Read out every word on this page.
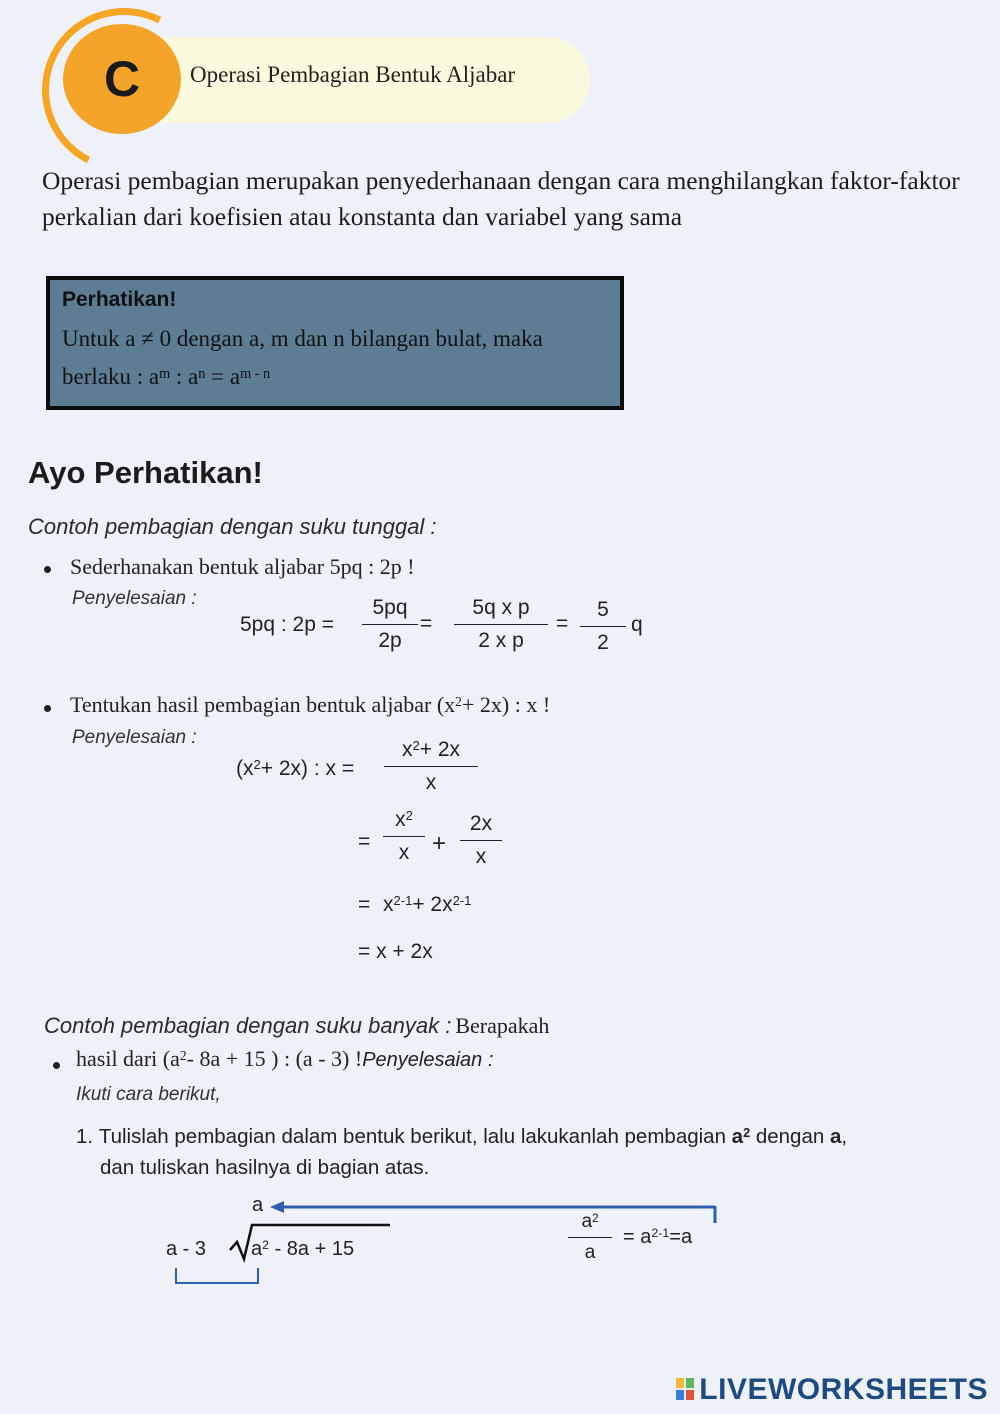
C	Operasi Pembagian Bentuk Aljabar
Operasi pembagian merupakan penyederhanaan dengan cara menghilangkan faktor-faktor perkalian dari koefisien atau konstanta dan variabel yang sama
Perhatikan!
Untuk a ≠ 0 dengan a, m dan n bilangan bulat, maka
berlaku : $a^m$ : $a^n = a^{m - n}$
Ayo Perhatikan!
Contoh pembagian dengan suku tunggal :
Sederhanakan bentuk aljabar 5pq : 2p !
Penyelesaian :
5pq : $2p = \frac{5pq}{2p} = \frac{\text{5q x p}}{\text{2 x p}} = \frac{5}{2}$ q
Tentukan hasil pembagian bentuk aljabar $(x^2+ 2x)$ : x !
Penyelesaian :
$(x^2+ 2x)$ : $x = \frac{x^2+ 2x}{x}$
= $\frac{x^2}{x} + \frac{2x}{x}$
= $x^{2-1}+ 2x^{2-1}$
= x + 2x
Contoh pembagian dengan suku banyak : Berapakah
hasil dari ($a^2-$ 8a + 15 ) : (a - 3) !Penyelesaian :
Ikuti cara berikut,
1. Tulislah pembagian dalam bentuk berikut, lalu lakukanlah pembagian $a^2$ dengan a,
dan tuliskan hasilnya di bagian atas.
a
a - 3 $a^2 - 8a + 15$	$\frac{a^2}{a} = a^{2-1}=a$
LIVEWORKSHEETS
